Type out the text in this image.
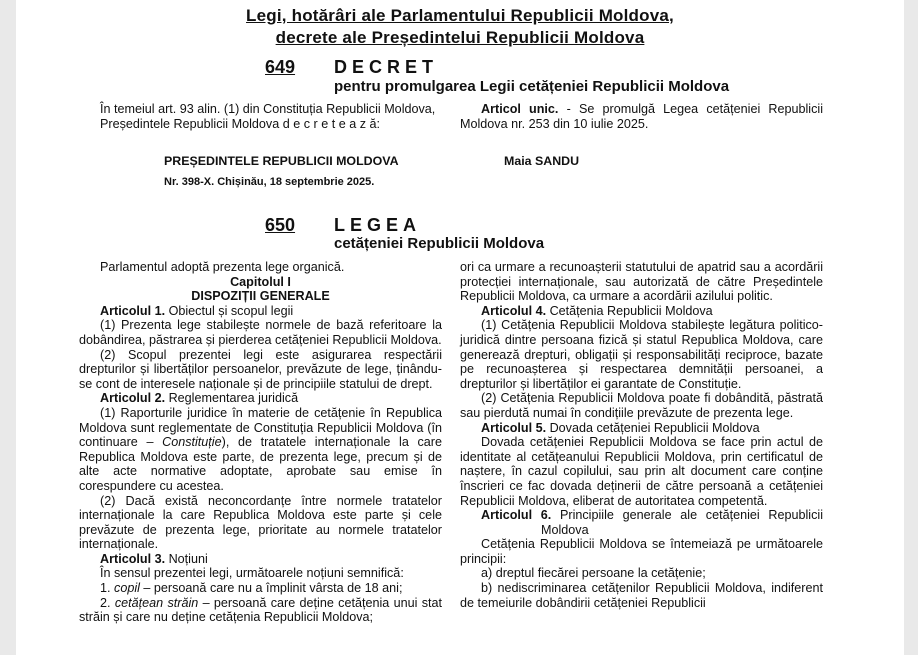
Legi, hotărâri ale Parlamentului Republicii Moldova,
decrete ale Președintelui Republicii Moldova
649 DECRET
pentru promulgarea Legii cetățeniei Republicii Moldova

În temeiul art. 93 alin. (1) din Constituția Republicii Moldova,

Președintele Republicii Moldova d e c r e t e a z ă:

Articol unic. - Se promulgă Legea cetățeniei Republicii Moldova nr. 253 din 10 iulie 2025.

PREȘEDINTELE REPUBLICII MOLDOVA	Maia SANDU
Nr. 398-X. Chișinău, 18 septembrie 2025.
650 LEGEA
cetățeniei Republicii Moldova

Parlamentul adoptă prezenta lege organică.

Capitolul I

DISPOZIȚII GENERALE

Articolul 1. Obiectul și scopul legii

(1) Prezenta lege stabilește normele de bază referitoare la dobândirea, păstrarea și pierderea cetățeniei Republicii Moldova.

(2) Scopul prezentei legi este asigurarea respectării drepturilor și libertăților persoanelor, prevăzute de lege, ținându-se cont de interesele naționale și de principiile statului de drept.

Articolul 2. Reglementarea juridică

(1) Raporturile juridice în materie de cetățenie în Republica Moldova sunt reglementate de Constituția Republicii Moldova (în continuare – Constituție), de tratatele internaționale la care Republica Moldova este parte, de prezenta lege, precum și de alte acte normative adoptate, aprobate sau emise în corespundere cu acestea.

(2) Dacă există neconcordanțe între normele tratatelor internaționale la care Republica Moldova este parte și cele prevăzute de prezenta lege, prioritate au normele tratatelor internaționale.

Articolul 3. Noțiuni

În sensul prezentei legi, următoarele noțiuni semnifică:

1. copil – persoană care nu a împlinit vârsta de 18 ani;

2. cetățean străin – persoană care deține cetățenia unui stat străin și care nu deține cetățenia Republicii Moldova;

ori ca urmare a recunoașterii statutului de apatrid sau a acordării protecției internaționale, sau autorizată de către Președintele Republicii Moldova, ca urmare a acordării azilului politic.

Articolul 4. Cetățenia Republicii Moldova

(1) Cetățenia Republicii Moldova stabilește legătura politico-juridică dintre persoana fizică și statul Republica Moldova, care generează drepturi, obligații și responsabilități reciproce, bazate pe recunoașterea și respectarea demnității persoanei, a drepturilor și libertăților ei garantate de Constituție.

(2) Cetățenia Republicii Moldova poate fi dobândită, păstrată sau pierdută numai în condițiile prevăzute de prezenta lege.

Articolul 5. Dovada cetățeniei Republicii Moldova

Dovada cetățeniei Republicii Moldova se face prin actul de identitate al cetățeanului Republicii Moldova, prin certificatul de naștere, în cazul copilului, sau prin alt document care conține înscrieri ce fac dovada deținerii de către persoană a cetățeniei Republicii Moldova, eliberat de autoritatea competentă.

Articolul 6. Principiile generale ale cetățeniei Republicii Moldova

Cetățenia Republicii Moldova se întemeiază pe următoarele principii:

a) dreptul fiecărei persoane la cetățenie;

b) nediscriminarea cetățenilor Republicii Moldova, indiferent de temeiurile dobândirii cetățeniei Republicii
